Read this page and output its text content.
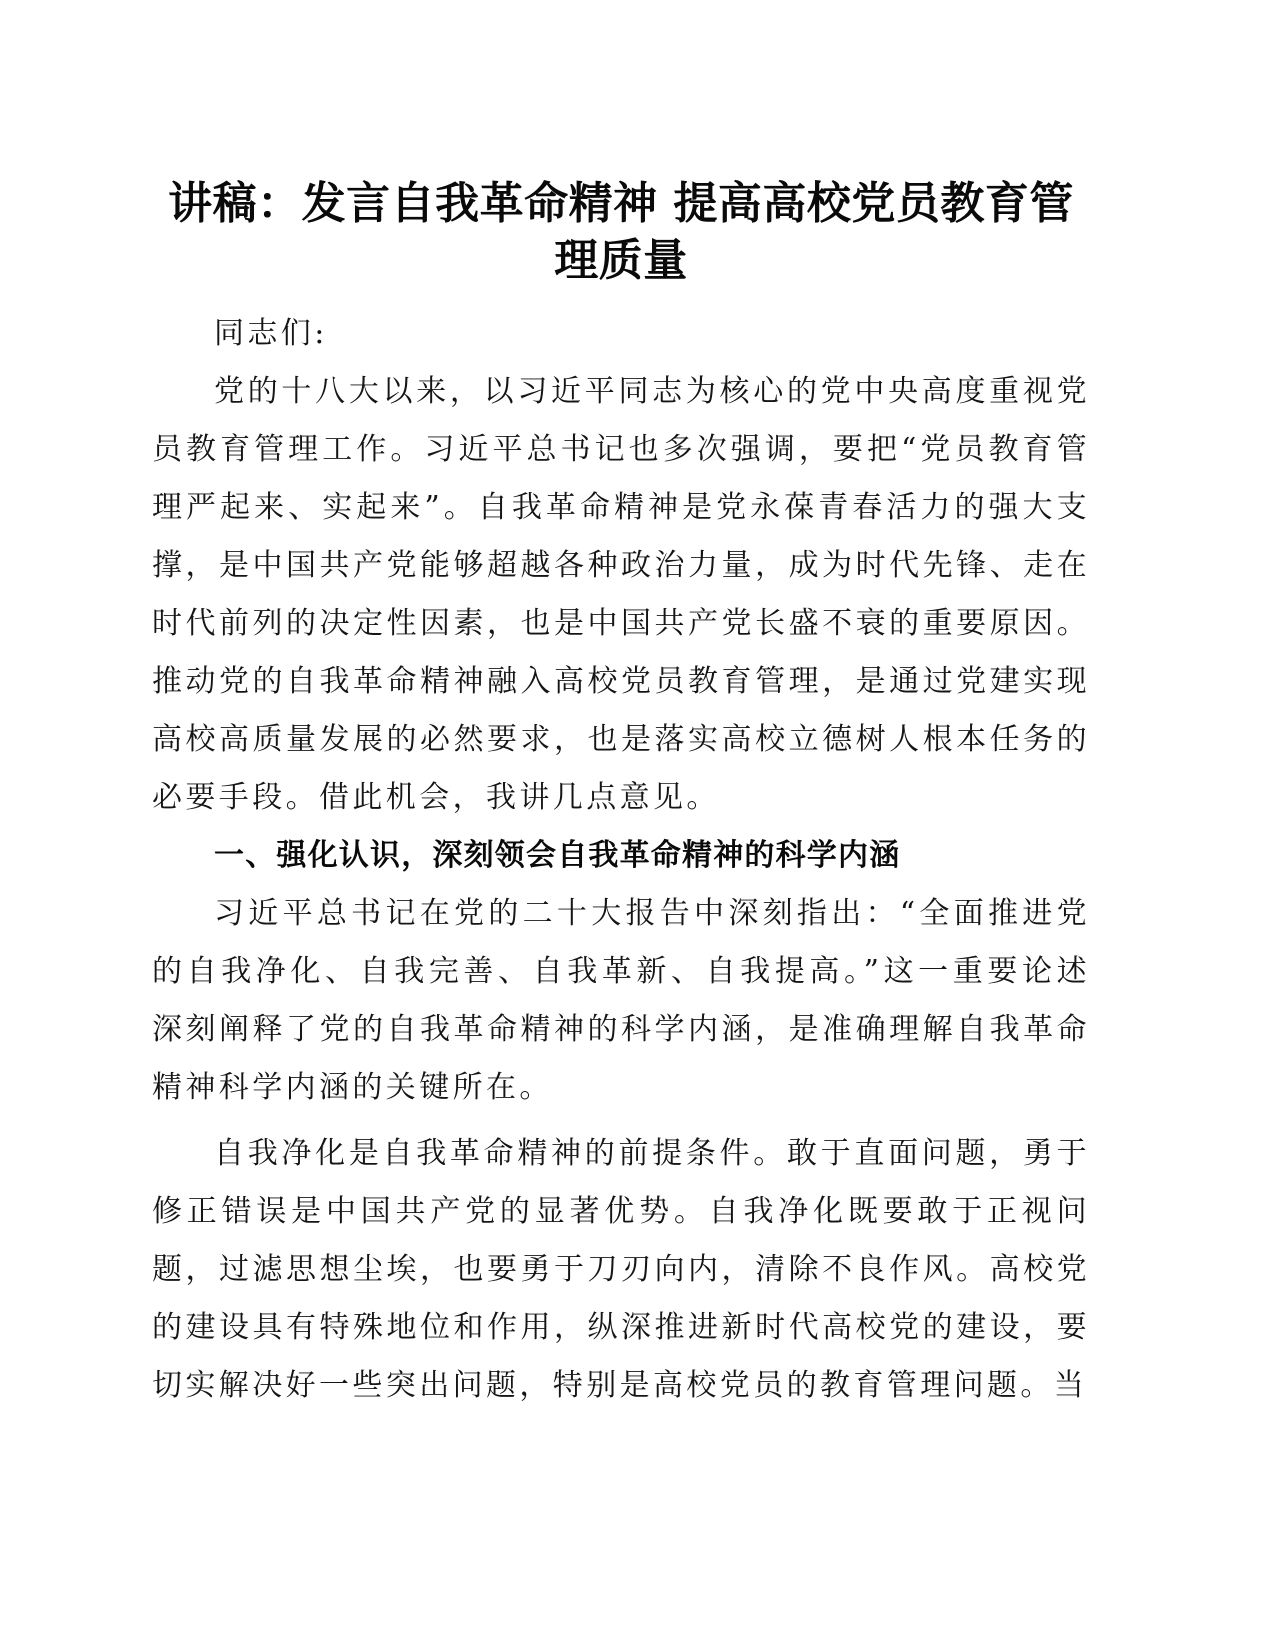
讲稿：发言自我革命精神 提高高校党员教育管理质量

同志们:

党的十八大以来，以习近平同志为核心的党中央高度重视党员教育管理工作。习近平总书记也多次强调，要把“党员教育管理严起来、实起来”。自我革命精神是党永葆青春活力的强大支撑，是中国共产党能够超越各种政治力量，成为时代先锋、走在时代前列的决定性因素，也是中国共产党长盛不衰的重要原因。推动党的自我革命精神融入高校党员教育管理，是通过党建实现高校高质量发展的必然要求，也是落实高校立德树人根本任务的必要手段。借此机会，我讲几点意见。

一、强化认识，深刻领会自我革命精神的科学内涵

习近平总书记在党的二十大报告中深刻指出：“全面推进党的自我净化、自我完善、自我革新、自我提高。”这一重要论述深刻阐释了党的自我革命精神的科学内涵，是准确理解自我革命精神科学内涵的关键所在。

自我净化是自我革命精神的前提条件。敢于直面问题，勇于修正错误是中国共产党的显著优势。自我净化既要敢于正视问题，过滤思想尘埃，也要勇于刀刃向内，清除不良作风。高校党的建设具有特殊地位和作用，纵深推进新时代高校党的建设，要切实解决好一些突出问题，特别是高校党员的教育管理问题。当
